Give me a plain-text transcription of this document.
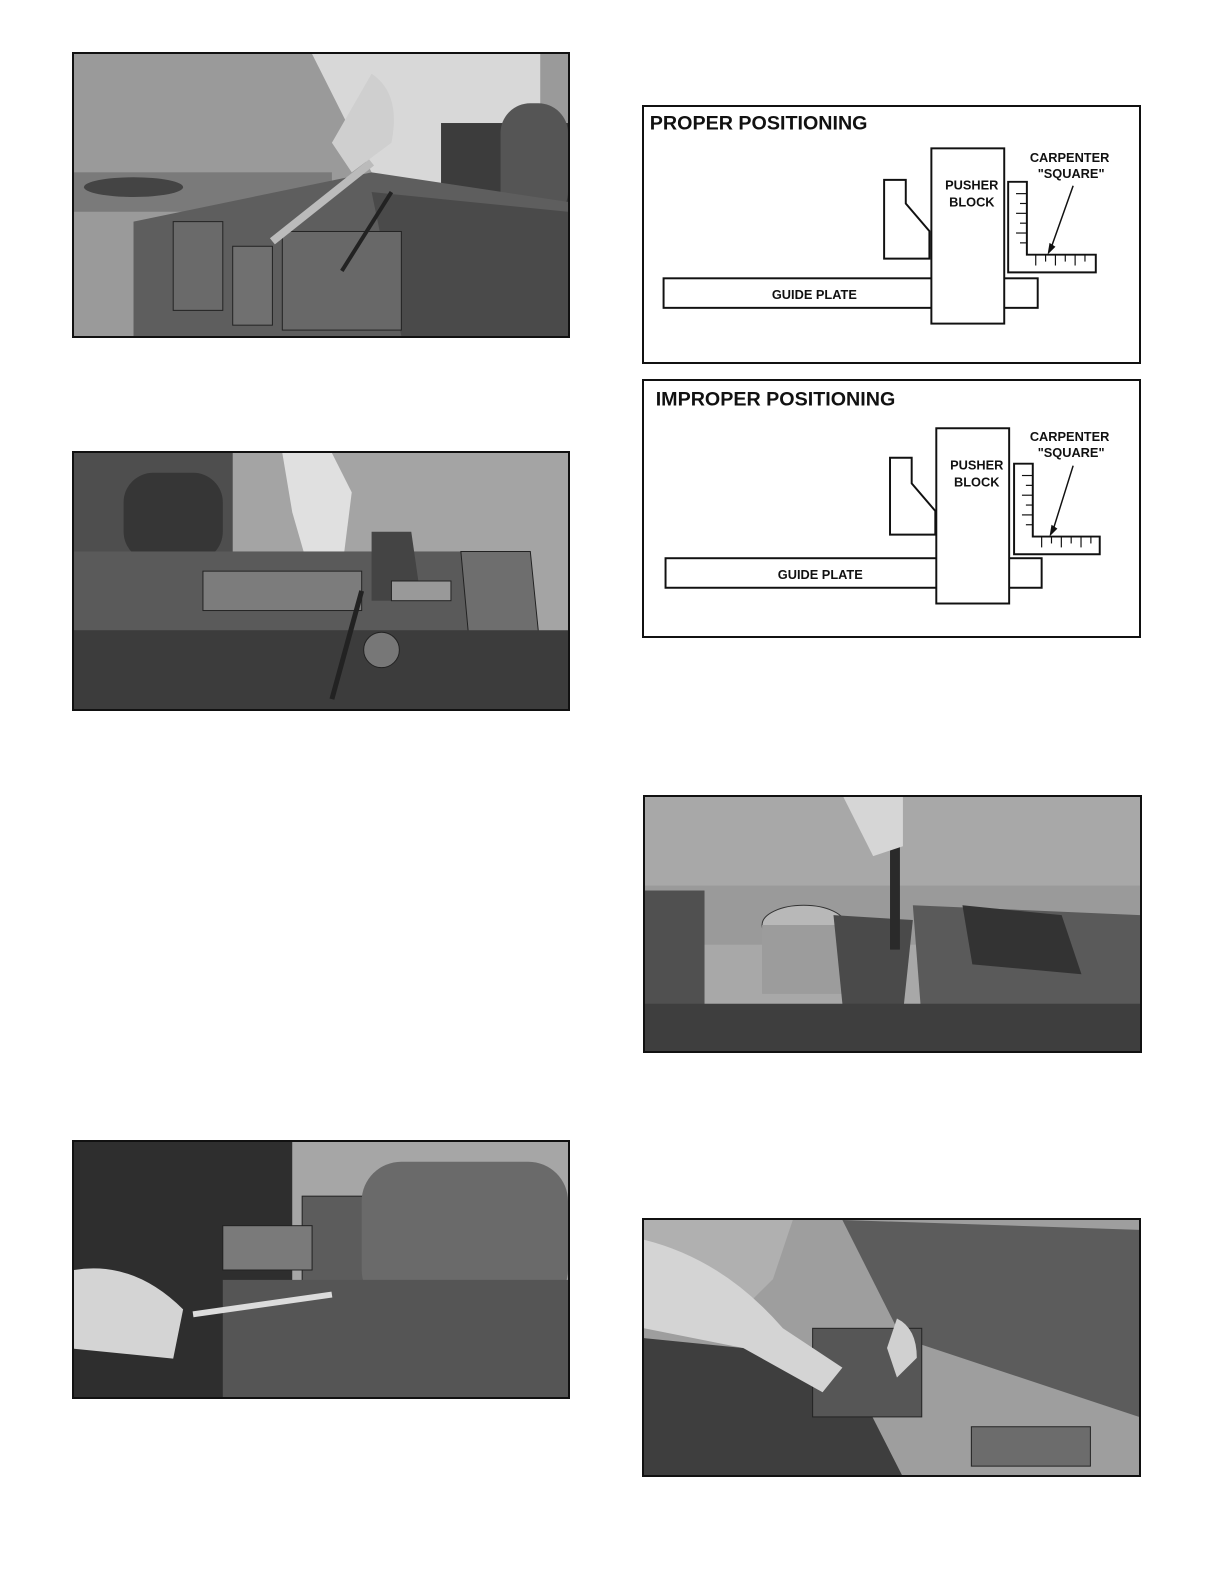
PROPER POSITIONING
GUIDE PLATE
PUSHER
BLOCK
CARPENTER
"SQUARE"
IMPROPER POSITIONING
GUIDE PLATE
PUSHER
BLOCK
CARPENTER
"SQUARE"
